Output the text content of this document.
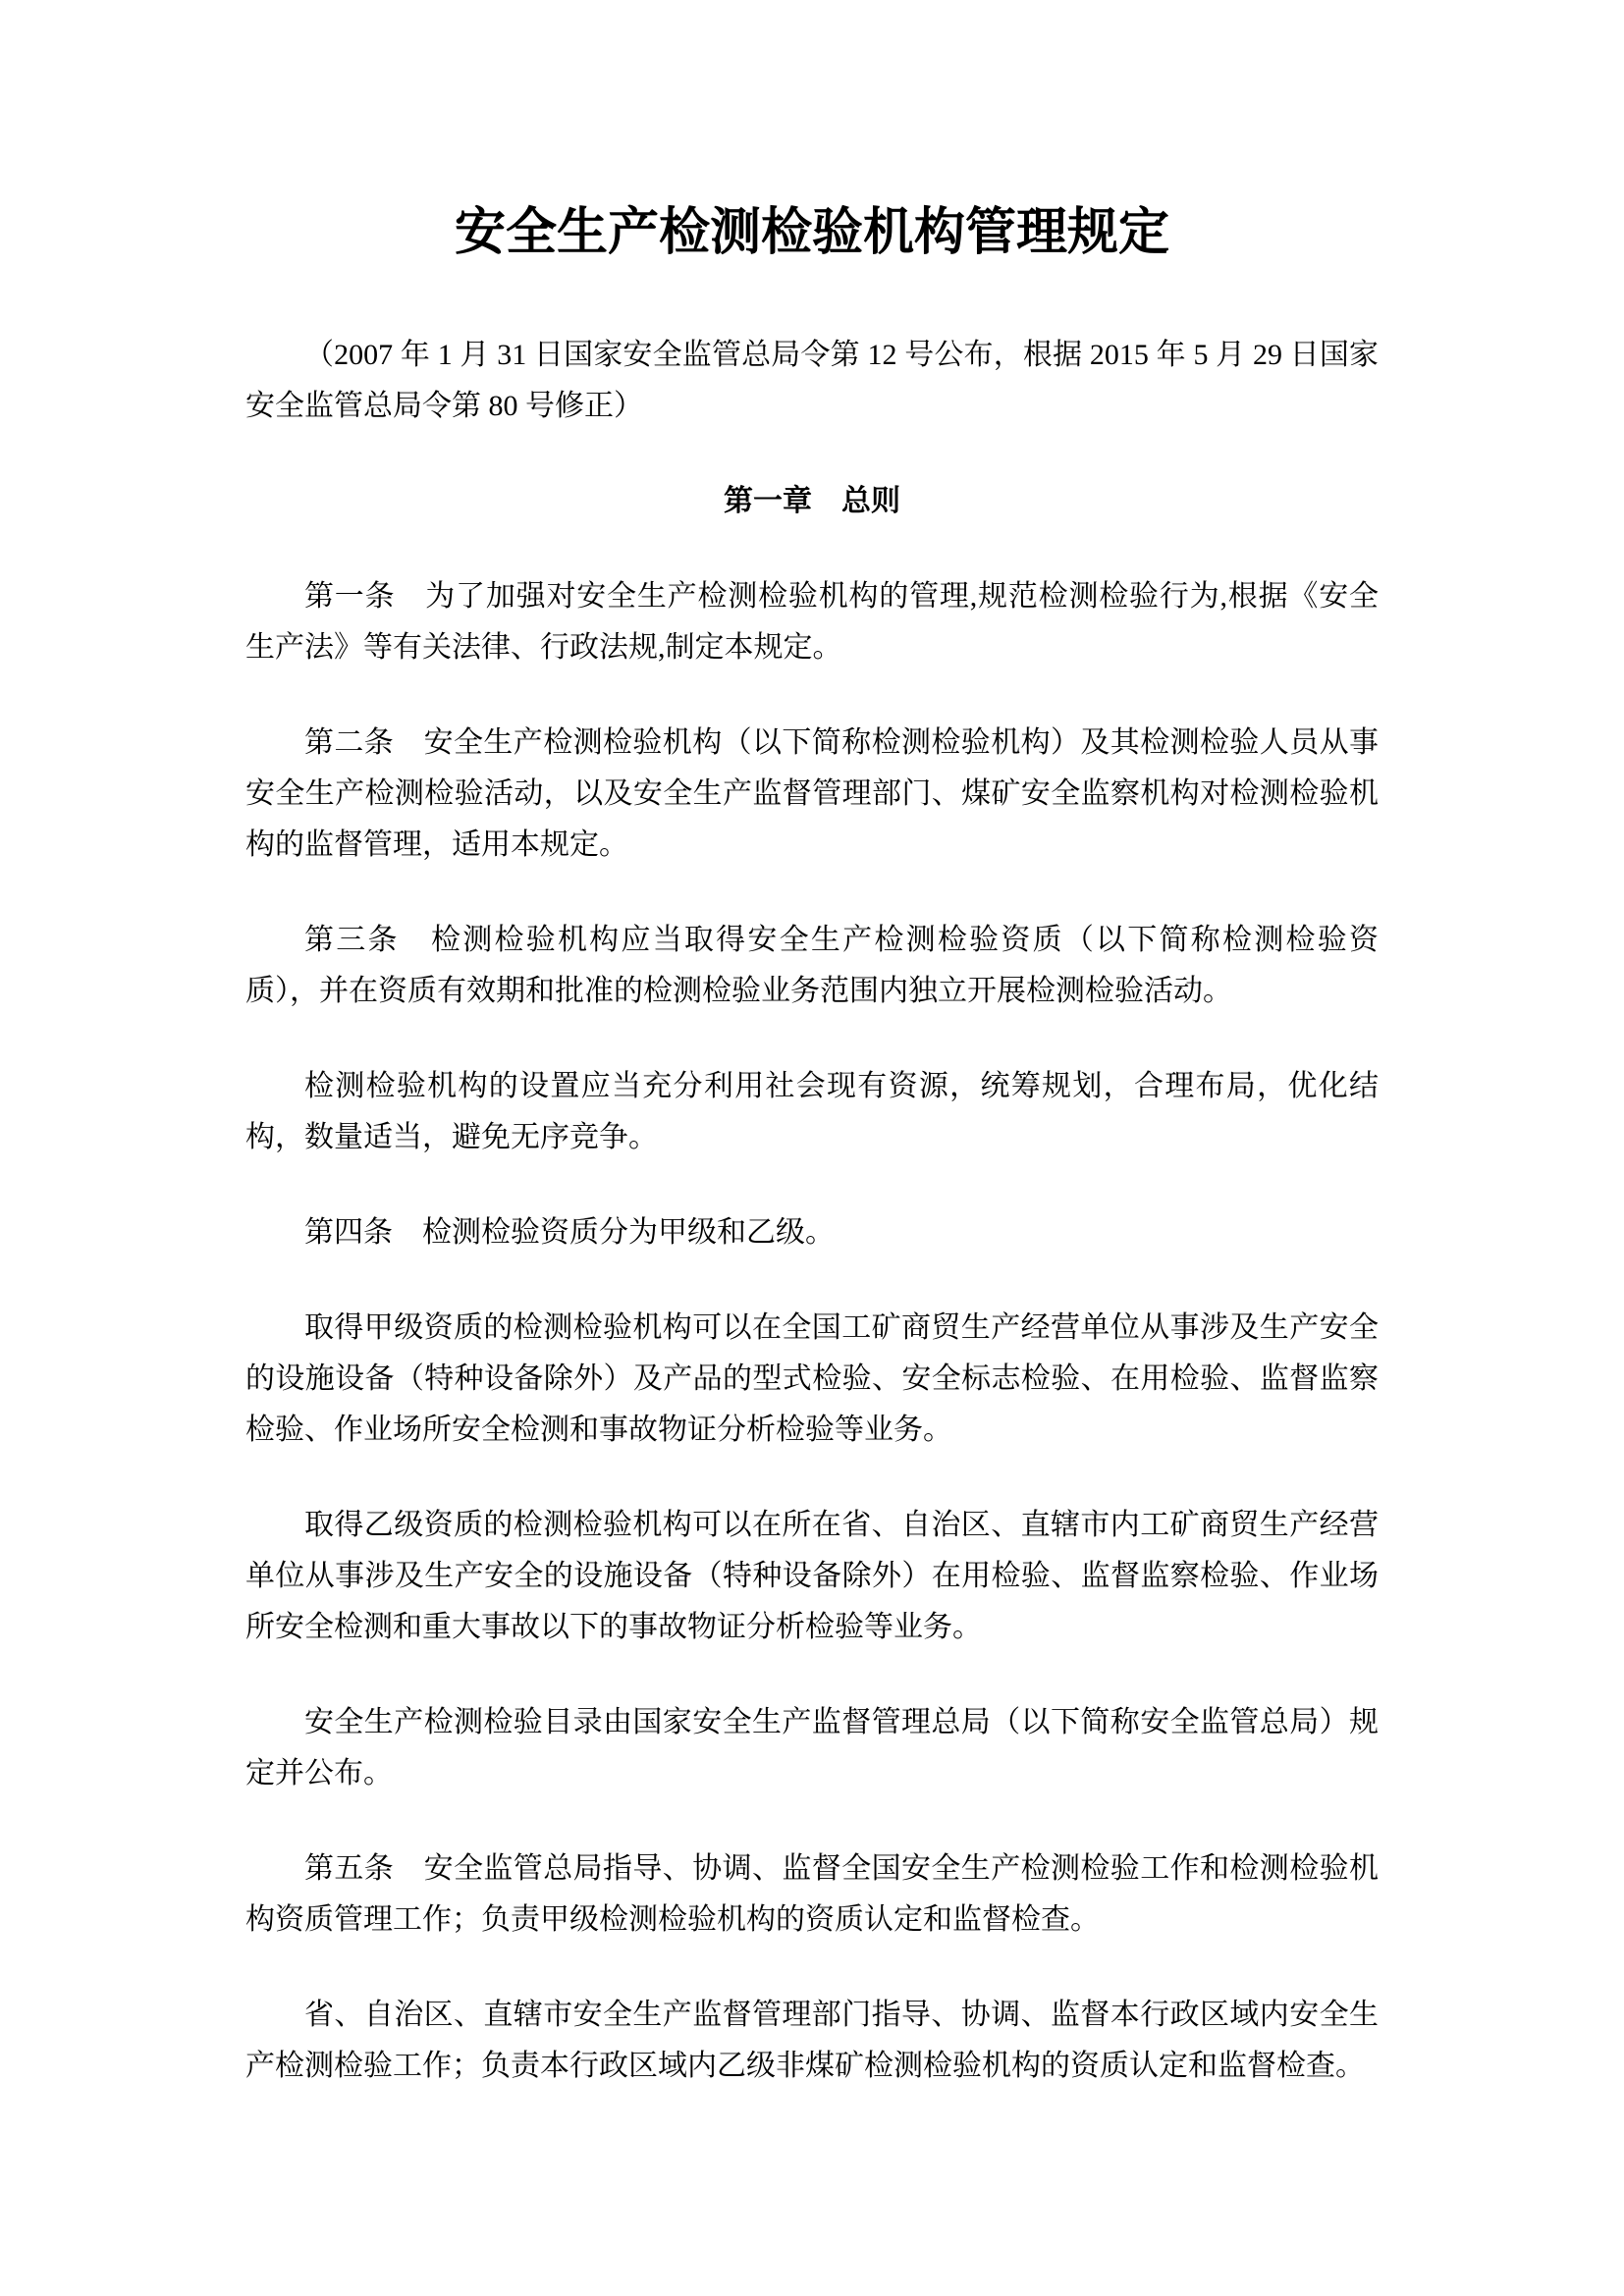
安全生产检测检验机构管理规定

（2007 年 1 月 31 日国家安全监管总局令第 12 号公布，根据 2015 年 5 月 29 日国家安全监管总局令第 80 号修正）

第一章　总则

第一条　为了加强对安全生产检测检验机构的管理,规范检测检验行为,根据《安全生产法》等有关法律、行政法规,制定本规定。

第二条　安全生产检测检验机构（以下简称检测检验机构）及其检测检验人员从事安全生产检测检验活动，以及安全生产监督管理部门、煤矿安全监察机构对检测检验机构的监督管理，适用本规定。

第三条　检测检验机构应当取得安全生产检测检验资质（以下简称检测检验资质），并在资质有效期和批准的检测检验业务范围内独立开展检测检验活动。

检测检验机构的设置应当充分利用社会现有资源，统筹规划，合理布局，优化结构，数量适当，避免无序竞争。

第四条　检测检验资质分为甲级和乙级。

取得甲级资质的检测检验机构可以在全国工矿商贸生产经营单位从事涉及生产安全的设施设备（特种设备除外）及产品的型式检验、安全标志检验、在用检验、监督监察检验、作业场所安全检测和事故物证分析检验等业务。

取得乙级资质的检测检验机构可以在所在省、自治区、直辖市内工矿商贸生产经营单位从事涉及生产安全的设施设备（特种设备除外）在用检验、监督监察检验、作业场所安全检测和重大事故以下的事故物证分析检验等业务。

安全生产检测检验目录由国家安全生产监督管理总局（以下简称安全监管总局）规定并公布。

第五条　安全监管总局指导、协调、监督全国安全生产检测检验工作和检测检验机构资质管理工作；负责甲级检测检验机构的资质认定和监督检查。

省、自治区、直辖市安全生产监督管理部门指导、协调、监督本行政区域内安全生产检测检验工作；负责本行政区域内乙级非煤矿检测检验机构的资质认定和监督检查。
